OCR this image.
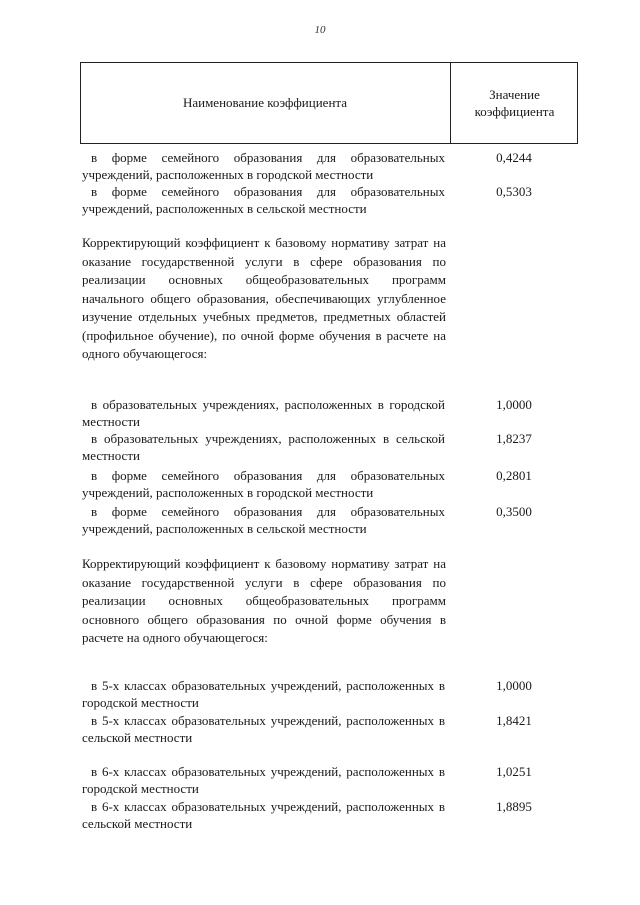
10
Наименование коэффициента
Значение
коэффициента
в форме семейного образования для образовательных учреждений, расположенных в городской местности
0,4244
в форме семейного образования для образовательных учреждений, расположенных в сельской местности
0,5303
Корректирующий коэффициент к базовому нормативу затрат на оказание государственной услуги в сфере образования по реализации основных общеобразовательных программ начального общего образования, обеспечивающих углубленное изучение отдельных учебных предметов, предметных областей (профильное обучение), по очной форме обучения в расчете на одного обучающегося:
в образовательных учреждениях, расположенных в городской местности
1,0000
в образовательных учреждениях, расположенных в сельской местности
1,8237
в форме семейного образования для образовательных учреждений, расположенных в городской местности
0,2801
в форме семейного образования для образовательных учреждений, расположенных в сельской местности
0,3500
Корректирующий коэффициент к базовому нормативу затрат на оказание государственной услуги в сфере образования по реализации основных общеобразовательных программ основного общего образования по очной форме обучения в расчете на одного обучающегося:
в 5-х классах образовательных учреждений, расположенных в городской местности
1,0000
в 5-х классах образовательных учреждений, расположенных в сельской местности
1,8421
в 6-х классах образовательных учреждений, расположенных в городской местности
1,0251
в 6-х классах образовательных учреждений, расположенных в сельской местности
1,8895
